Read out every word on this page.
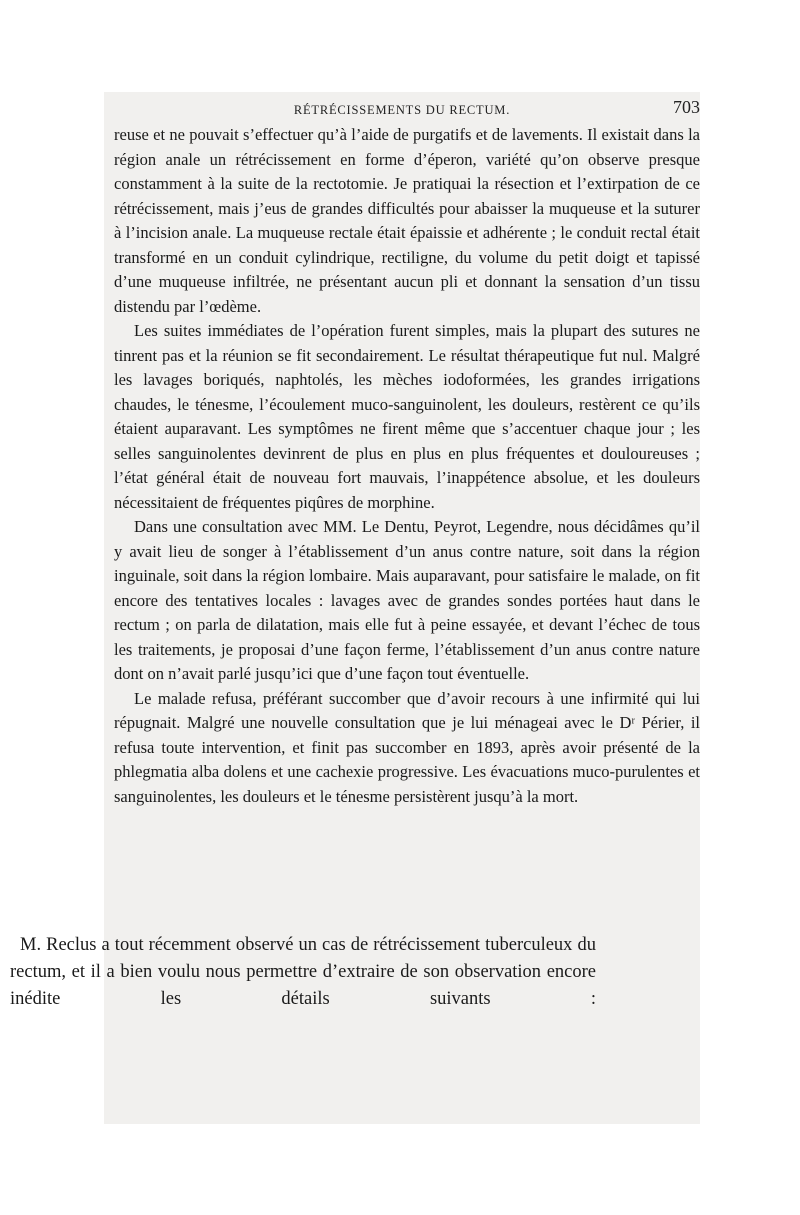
RÉTRÉCISSEMENTS DU RECTUM.	703

reuse et ne pouvait s’effectuer qu’à l’aide de purgatifs et de lavements. Il existait dans la région anale un rétrécissement en forme d’éperon, variété qu’on observe presque constamment à la suite de la rectotomie. Je pratiquai la résection et l’extirpation de ce rétrécissement, mais j’eus de grandes difficultés pour abaisser la muqueuse et la suturer à l’incision anale. La muqueuse rectale était épaissie et adhérente ; le conduit rectal était transformé en un conduit cylindrique, rectiligne, du volume du petit doigt et tapissé d’une muqueuse infiltrée, ne présentant aucun pli et donnant la sensation d’un tissu distendu par l’œdème.

Les suites immédiates de l’opération furent simples, mais la plupart des sutures ne tinrent pas et la réunion se fit secondairement. Le résultat thérapeutique fut nul. Malgré les lavages boriqués, naphtolés, les mèches iodoformées, les grandes irrigations chaudes, le ténesme, l’écoulement muco-sanguinolent, les douleurs, restèrent ce qu’ils étaient auparavant. Les symptômes ne firent même que s’accentuer chaque jour ; les selles sanguinolentes devinrent de plus en plus en plus fréquentes et douloureuses ; l’état général était de nouveau fort mauvais, l’inappétence absolue, et les douleurs nécessitaient de fréquentes piqûres de morphine.

Dans une consultation avec MM. Le Dentu, Peyrot, Legendre, nous décidâmes qu’il y avait lieu de songer à l’établissement d’un anus contre nature, soit dans la région inguinale, soit dans la région lombaire. Mais auparavant, pour satisfaire le malade, on fit encore des tentatives locales : lavages avec de grandes sondes portées haut dans le rectum ; on parla de dilatation, mais elle fut à peine essayée, et devant l’échec de tous les traitements, je proposai d’une façon ferme, l’établissement d’un anus contre nature dont on n’avait parlé jusqu’ici que d’une façon tout éventuelle.

Le malade refusa, préférant succomber que d’avoir recours à une infirmité qui lui répugnait. Malgré une nouvelle consultation que je lui ménageai avec le Dʳ Périer, il refusa toute intervention, et finit pas succomber en 1893, après avoir présenté de la phlegmatia alba dolens et une cachexie progressive. Les évacuations muco-purulentes et sanguinolentes, les douleurs et le ténesme persistèrent jusqu’à la mort.

M. Reclus a tout récemment observé un cas de rétrécissement tuberculeux du rectum, et il a bien voulu nous permettre d’extraire de son observation encore inédite les détails suivants :
